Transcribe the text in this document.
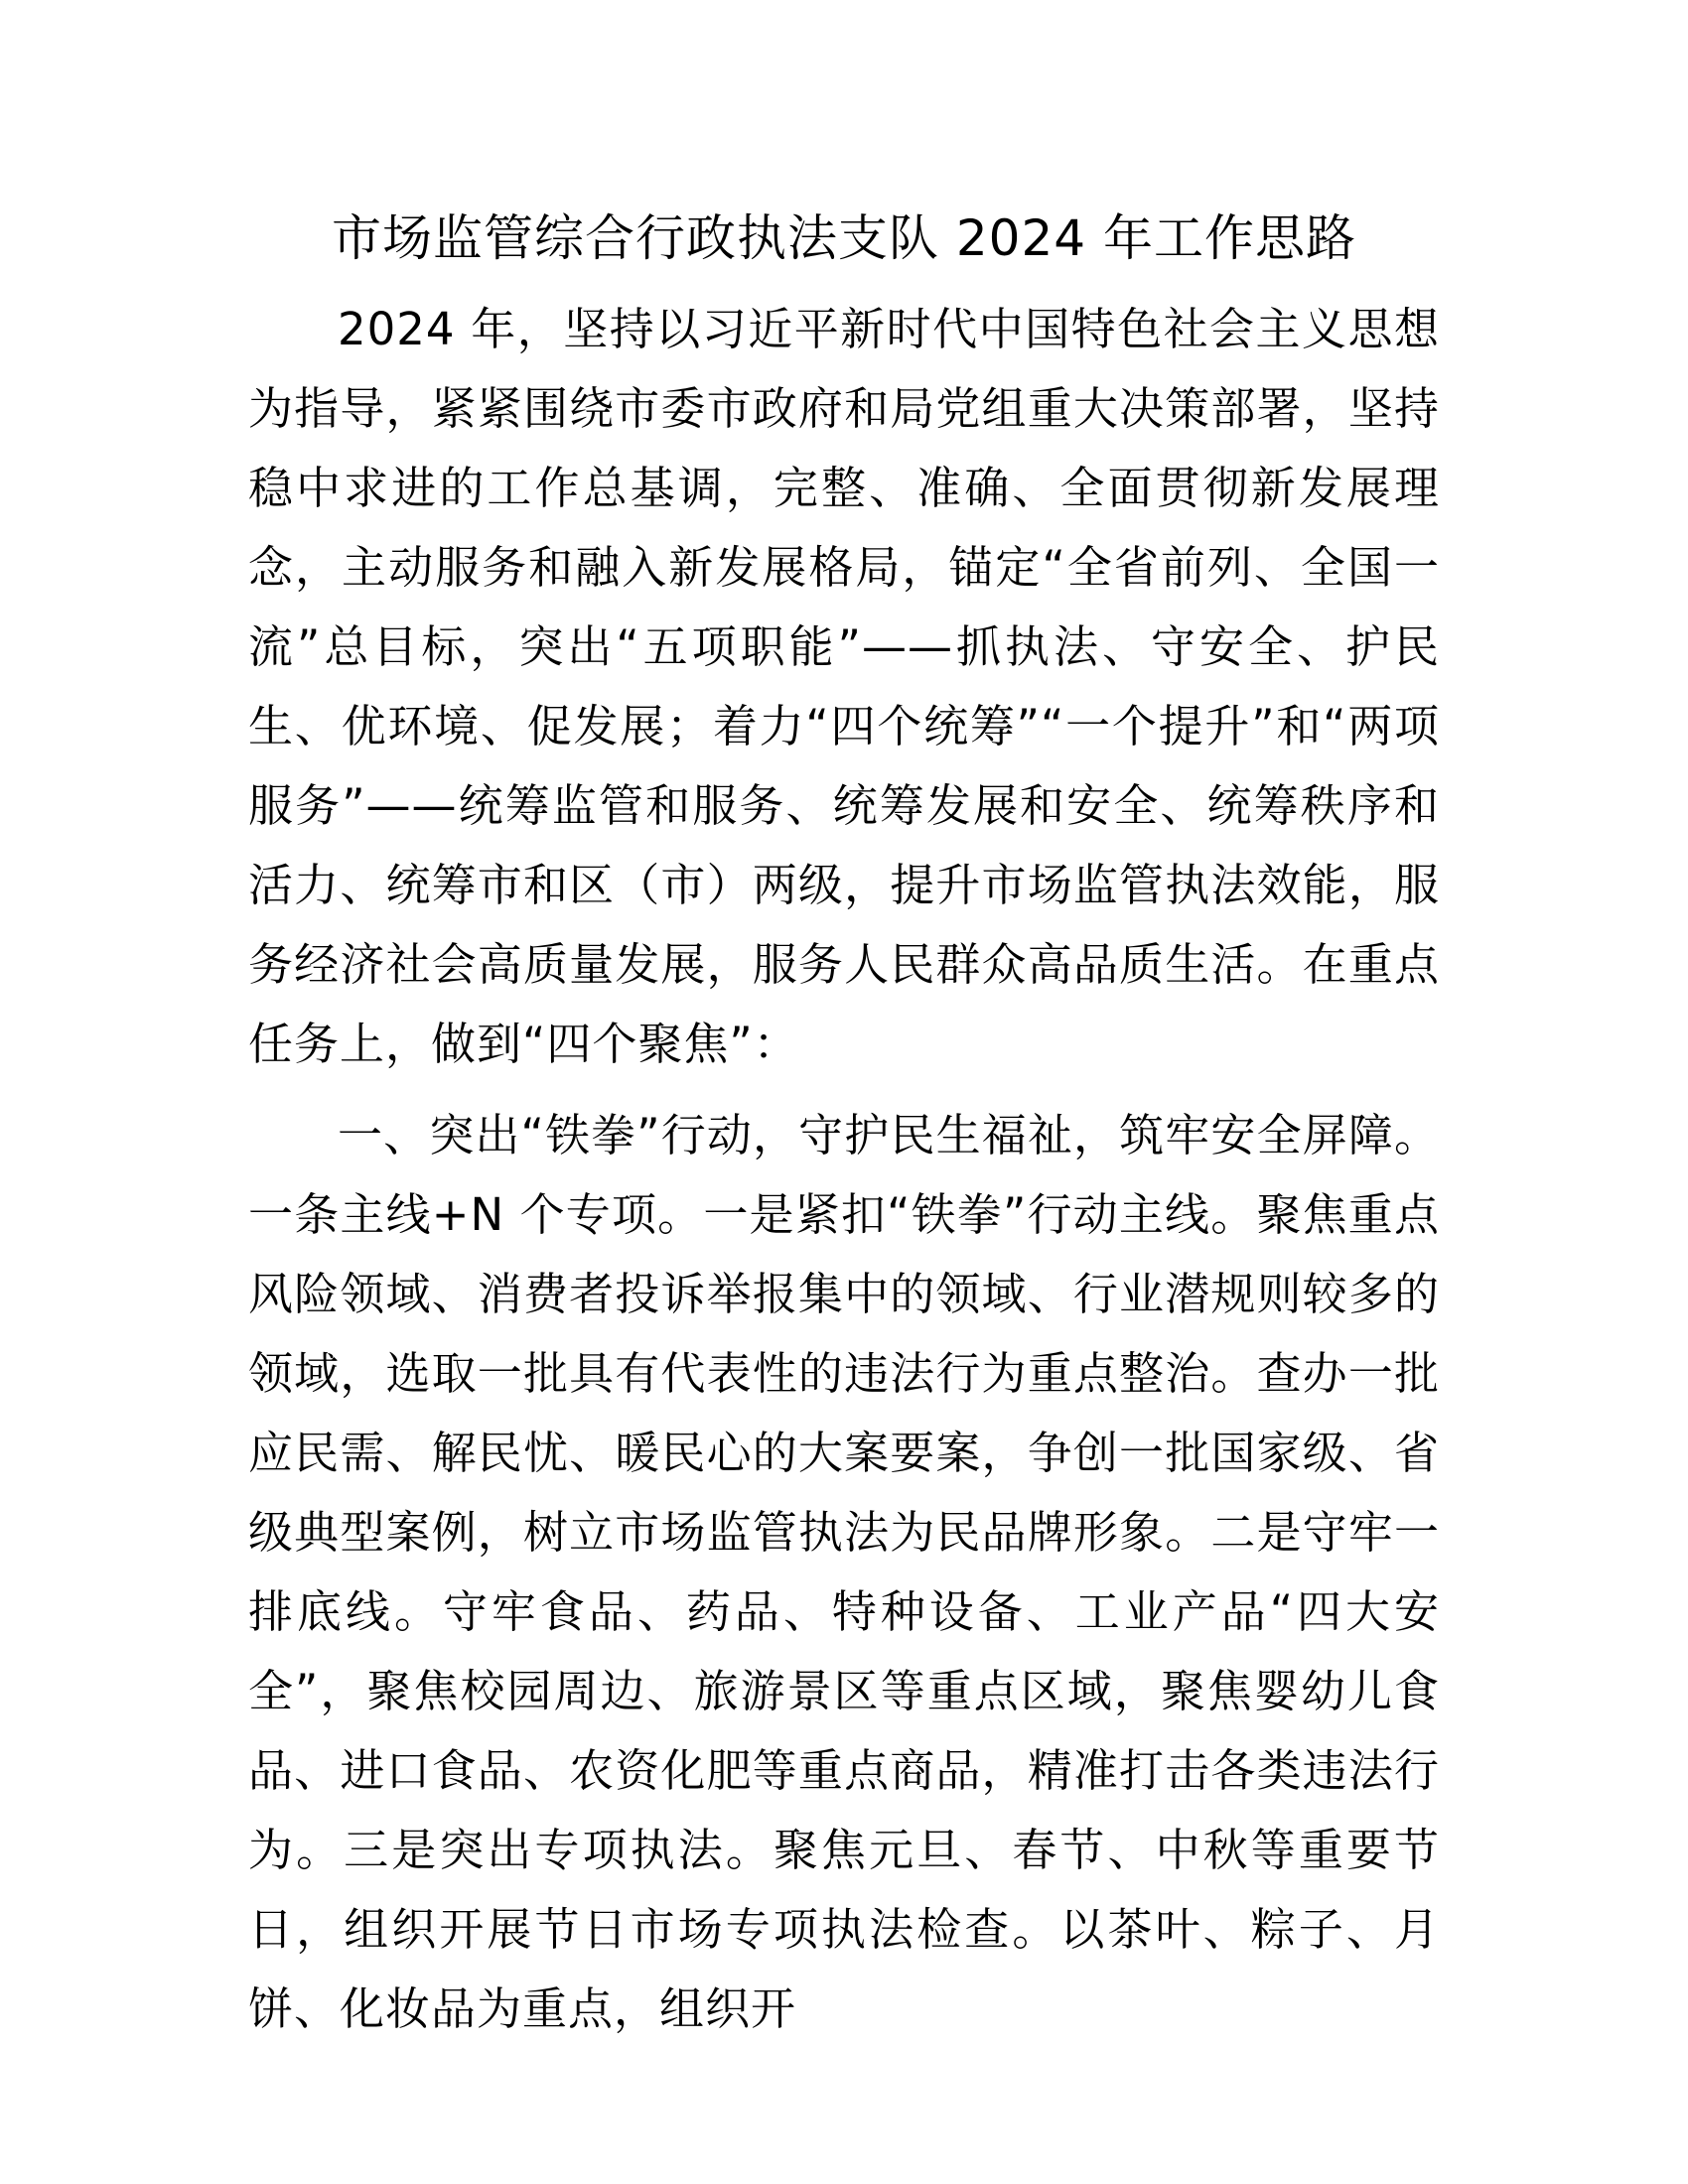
市场监管综合行政执法支队 2024 年工作思路

2024 年，坚持以习近平新时代中国特色社会主义思想为指导，紧紧围绕市委市政府和局党组重大决策部署，坚持稳中求进的工作总基调，完整、准确、全面贯彻新发展理念，主动服务和融入新发展格局，锚定“全省前列、全国一流”总目标，突出“五项职能”——抓执法、守安全、护民生、优环境、促发展；着力“四个统筹”“一个提升”和“两项服务”——统筹监管和服务、统筹发展和安全、统筹秩序和活力、统筹市和区（市）两级，提升市场监管执法效能，服务经济社会高质量发展，服务人民群众高品质生活。在重点任务上，做到“四个聚焦”：

一、突出“铁拳”行动，守护民生福祉，筑牢安全屏障。一条主线+N 个专项。一是紧扣“铁拳”行动主线。聚焦重点风险领域、消费者投诉举报集中的领域、行业潜规则较多的领域，选取一批具有代表性的违法行为重点整治。查办一批应民需、解民忧、暖民心的大案要案，争创一批国家级、省级典型案例，树立市场监管执法为民品牌形象。二是守牢一排底线。守牢食品、药品、特种设备、工业产品“四大安全”，聚焦校园周边、旅游景区等重点区域，聚焦婴幼儿食品、进口食品、农资化肥等重点商品，精准打击各类违法行为。三是突出专项执法。聚焦元旦、春节、中秋等重要节日，组织开展节日市场专项执法检查。以茶叶、粽子、月饼、化妆品为重点，组织开
